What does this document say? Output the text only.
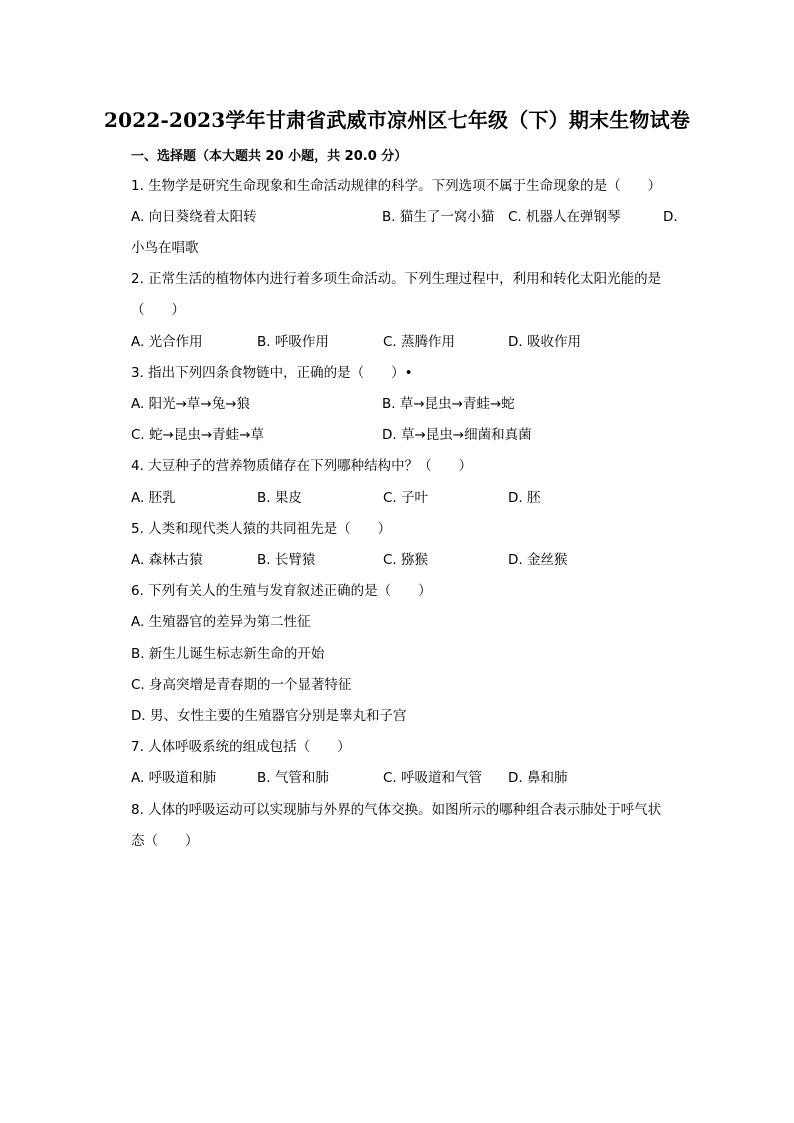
2022-2023学年甘肃省武威市凉州区七年级（下）期末生物试卷
一、选择题（本大题共 20 小题，共 20.0 分）
1. 生物学是研究生命现象和生命活动规律的科学。下列选项不属于生命现象的是（　　）
A. 向日葵绕着太阳转	B. 猫生了一窝小猫 C. 机器人在弹钢琴	D.
小鸟在唱歌
2. 正常生活的植物体内进行着多项生命活动。下列生理过程中，利用和转化太阳光能的是
（　　）
A. 光合作用	B. 呼吸作用	C. 蒸腾作用	D. 吸收作用
3. 指出下列四条食物链中，正确的是（　　）•
A. 阳光→草→兔→狼	B. 草→昆虫→青蛙→蛇
C. 蛇→昆虫→青蛙→草	D. 草→昆虫→细菌和真菌
4. 大豆种子的营养物质储存在下列哪种结构中？（　　）
A. 胚乳	B. 果皮	C. 子叶	D. 胚
5. 人类和现代类人猿的共同祖先是（　　）
A. 森林古猿	B. 长臂猿	C. 猕猴	D. 金丝猴
6. 下列有关人的生殖与发育叙述正确的是（　　）
A. 生殖器官的差异为第二性征
B. 新生儿诞生标志新生命的开始
C. 身高突增是青春期的一个显著特征
D. 男、女性主要的生殖器官分别是睾丸和子宫
7. 人体呼吸系统的组成包括（　　）
A. 呼吸道和肺	B. 气管和肺	C. 呼吸道和气管 D. 鼻和肺
8. 人体的呼吸运动可以实现肺与外界的气体交换。如图所示的哪种组合表示肺处于呼气状
态（　　）
